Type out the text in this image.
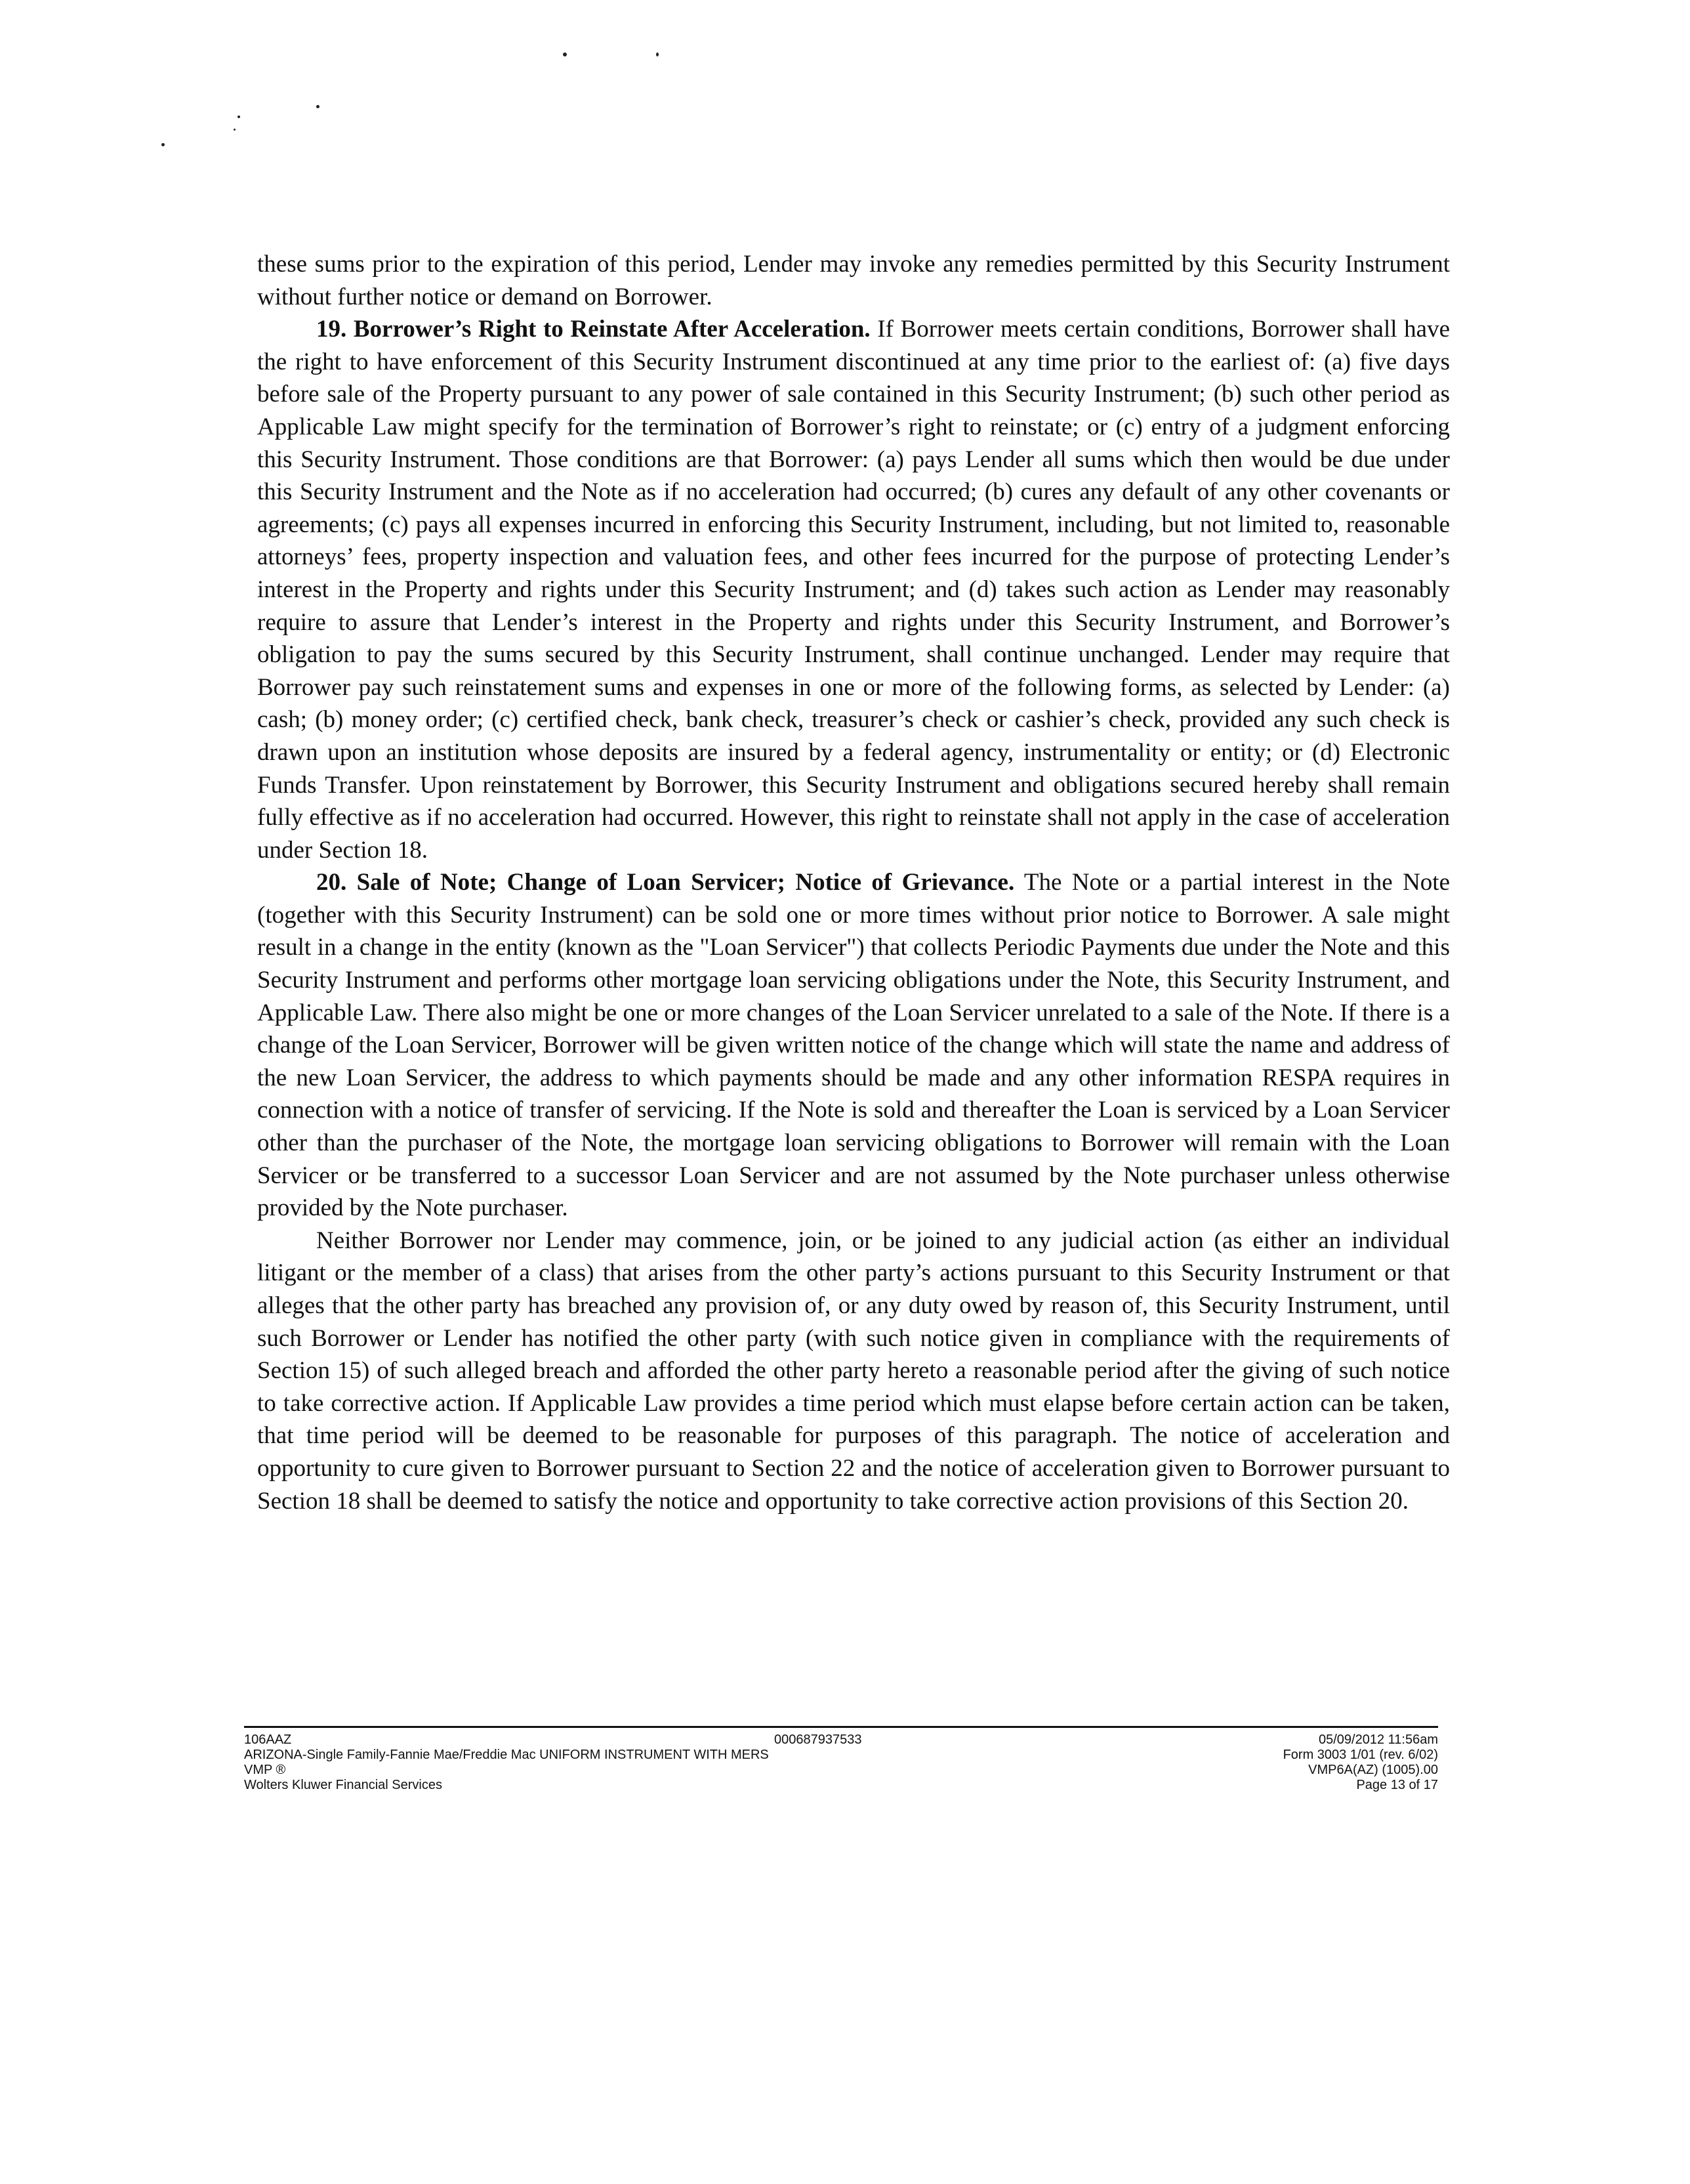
these sums prior to the expiration of this period, Lender may invoke any remedies permitted by this Security Instrument without further notice or demand on Borrower.

19. Borrower’s Right to Reinstate After Acceleration. If Borrower meets certain conditions, Borrower shall have the right to have enforcement of this Security Instrument discontinued at any time prior to the earliest of: (a) five days before sale of the Property pursuant to any power of sale contained in this Security Instrument; (b) such other period as Applicable Law might specify for the termination of Borrower’s right to reinstate; or (c) entry of a judgment enforcing this Security Instrument. Those conditions are that Borrower: (a) pays Lender all sums which then would be due under this Security Instrument and the Note as if no acceleration had occurred; (b) cures any default of any other covenants or agreements; (c) pays all expenses incurred in enforcing this Security Instrument, including, but not limited to, reasonable attorneys’ fees, property inspection and valuation fees, and other fees incurred for the purpose of protecting Lender’s interest in the Property and rights under this Security Instrument; and (d) takes such action as Lender may reasonably require to assure that Lender’s interest in the Property and rights under this Security Instrument, and Borrower’s obligation to pay the sums secured by this Security Instrument, shall continue unchanged. Lender may require that Borrower pay such reinstatement sums and expenses in one or more of the following forms, as selected by Lender: (a) cash; (b) money order; (c) certified check, bank check, treasurer’s check or cashier’s check, provided any such check is drawn upon an institution whose deposits are insured by a federal agency, instrumentality or entity; or (d) Electronic Funds Transfer. Upon reinstatement by Borrower, this Security Instrument and obligations secured hereby shall remain fully effective as if no acceleration had occurred. However, this right to reinstate shall not apply in the case of acceleration under Section 18.

20. Sale of Note; Change of Loan Servicer; Notice of Grievance. The Note or a partial interest in the Note (together with this Security Instrument) can be sold one or more times without prior notice to Borrower. A sale might result in a change in the entity (known as the "Loan Servicer") that collects Periodic Payments due under the Note and this Security Instrument and performs other mortgage loan servicing obligations under the Note, this Security Instrument, and Applicable Law. There also might be one or more changes of the Loan Servicer unrelated to a sale of the Note. If there is a change of the Loan Servicer, Borrower will be given written notice of the change which will state the name and address of the new Loan Servicer, the address to which payments should be made and any other information RESPA requires in connection with a notice of transfer of servicing. If the Note is sold and thereafter the Loan is serviced by a Loan Servicer other than the purchaser of the Note, the mortgage loan servicing obligations to Borrower will remain with the Loan Servicer or be transferred to a successor Loan Servicer and are not assumed by the Note purchaser unless otherwise provided by the Note purchaser.

Neither Borrower nor Lender may commence, join, or be joined to any judicial action (as either an individual litigant or the member of a class) that arises from the other party’s actions pursuant to this Security Instrument or that alleges that the other party has breached any provision of, or any duty owed by reason of, this Security Instrument, until such Borrower or Lender has notified the other party (with such notice given in compliance with the requirements of Section 15) of such alleged breach and afforded the other party hereto a reasonable period after the giving of such notice to take corrective action. If Applicable Law provides a time period which must elapse before certain action can be taken, that time period will be deemed to be reasonable for purposes of this paragraph. The notice of acceleration and opportunity to cure given to Borrower pursuant to Section 22 and the notice of acceleration given to Borrower pursuant to Section 18 shall be deemed to satisfy the notice and opportunity to take corrective action provisions of this Section 20.

106AAZ
ARIZONA-Single Family-Fannie Mae/Freddie Mac UNIFORM INSTRUMENT WITH MERS
VMP ®
Wolters Kluwer Financial Services
000687937533	05/09/2012 11:56am
Form 3003 1/01 (rev. 6/02)
VMP6A(AZ) (1005).00
Page 13 of 17
